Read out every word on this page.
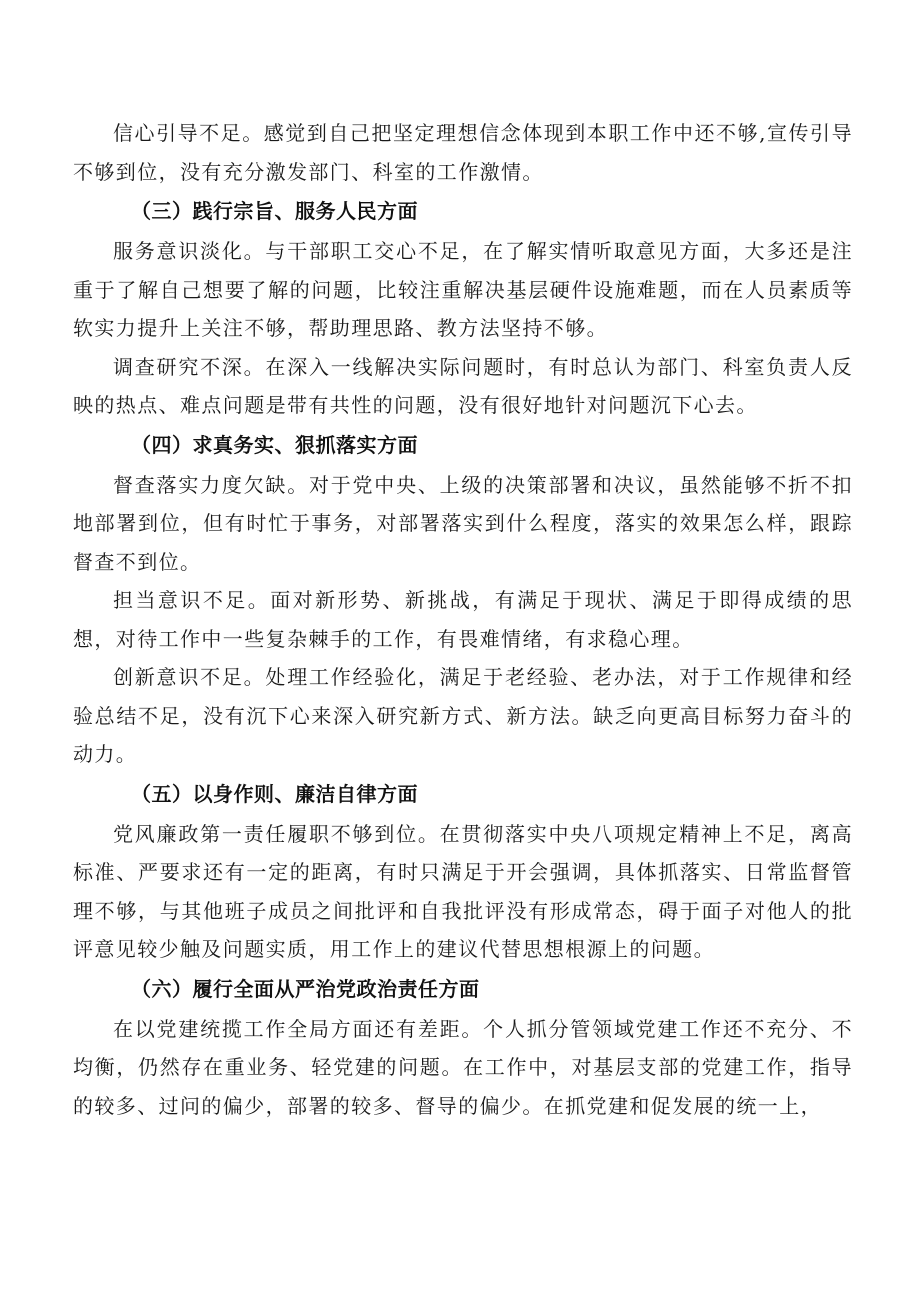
信心引导不足。感觉到自己把坚定理想信念体现到本职工作中还不够,宣传引导不够到位，没有充分激发部门、科室的工作激情。

（三）践行宗旨、服务人民方面

服务意识淡化。与干部职工交心不足，在了解实情听取意见方面，大多还是注重于了解自己想要了解的问题，比较注重解决基层硬件设施难题，而在人员素质等软实力提升上关注不够，帮助理思路、教方法坚持不够。

调查研究不深。在深入一线解决实际问题时，有时总认为部门、科室负责人反映的热点、难点问题是带有共性的问题，没有很好地针对问题沉下心去。

（四）求真务实、狠抓落实方面

督查落实力度欠缺。对于党中央、上级的决策部署和决议，虽然能够不折不扣地部署到位，但有时忙于事务，对部署落实到什么程度，落实的效果怎么样，跟踪督查不到位。

担当意识不足。面对新形势、新挑战，有满足于现状、满足于即得成绩的思想，对待工作中一些复杂棘手的工作，有畏难情绪，有求稳心理。

创新意识不足。处理工作经验化，满足于老经验、老办法，对于工作规律和经验总结不足，没有沉下心来深入研究新方式、新方法。缺乏向更高目标努力奋斗的动力。

（五）以身作则、廉洁自律方面

党风廉政第一责任履职不够到位。在贯彻落实中央八项规定精神上不足，离高标准、严要求还有一定的距离，有时只满足于开会强调，具体抓落实、日常监督管理不够，与其他班子成员之间批评和自我批评没有形成常态，碍于面子对他人的批评意见较少触及问题实质，用工作上的建议代替思想根源上的问题。

（六）履行全面从严治党政治责任方面

在以党建统揽工作全局方面还有差距。个人抓分管领域党建工作还不充分、不均衡，仍然存在重业务、轻党建的问题。在工作中，对基层支部的党建工作，指导的较多、过问的偏少，部署的较多、督导的偏少。在抓党建和促发展的统一上，
